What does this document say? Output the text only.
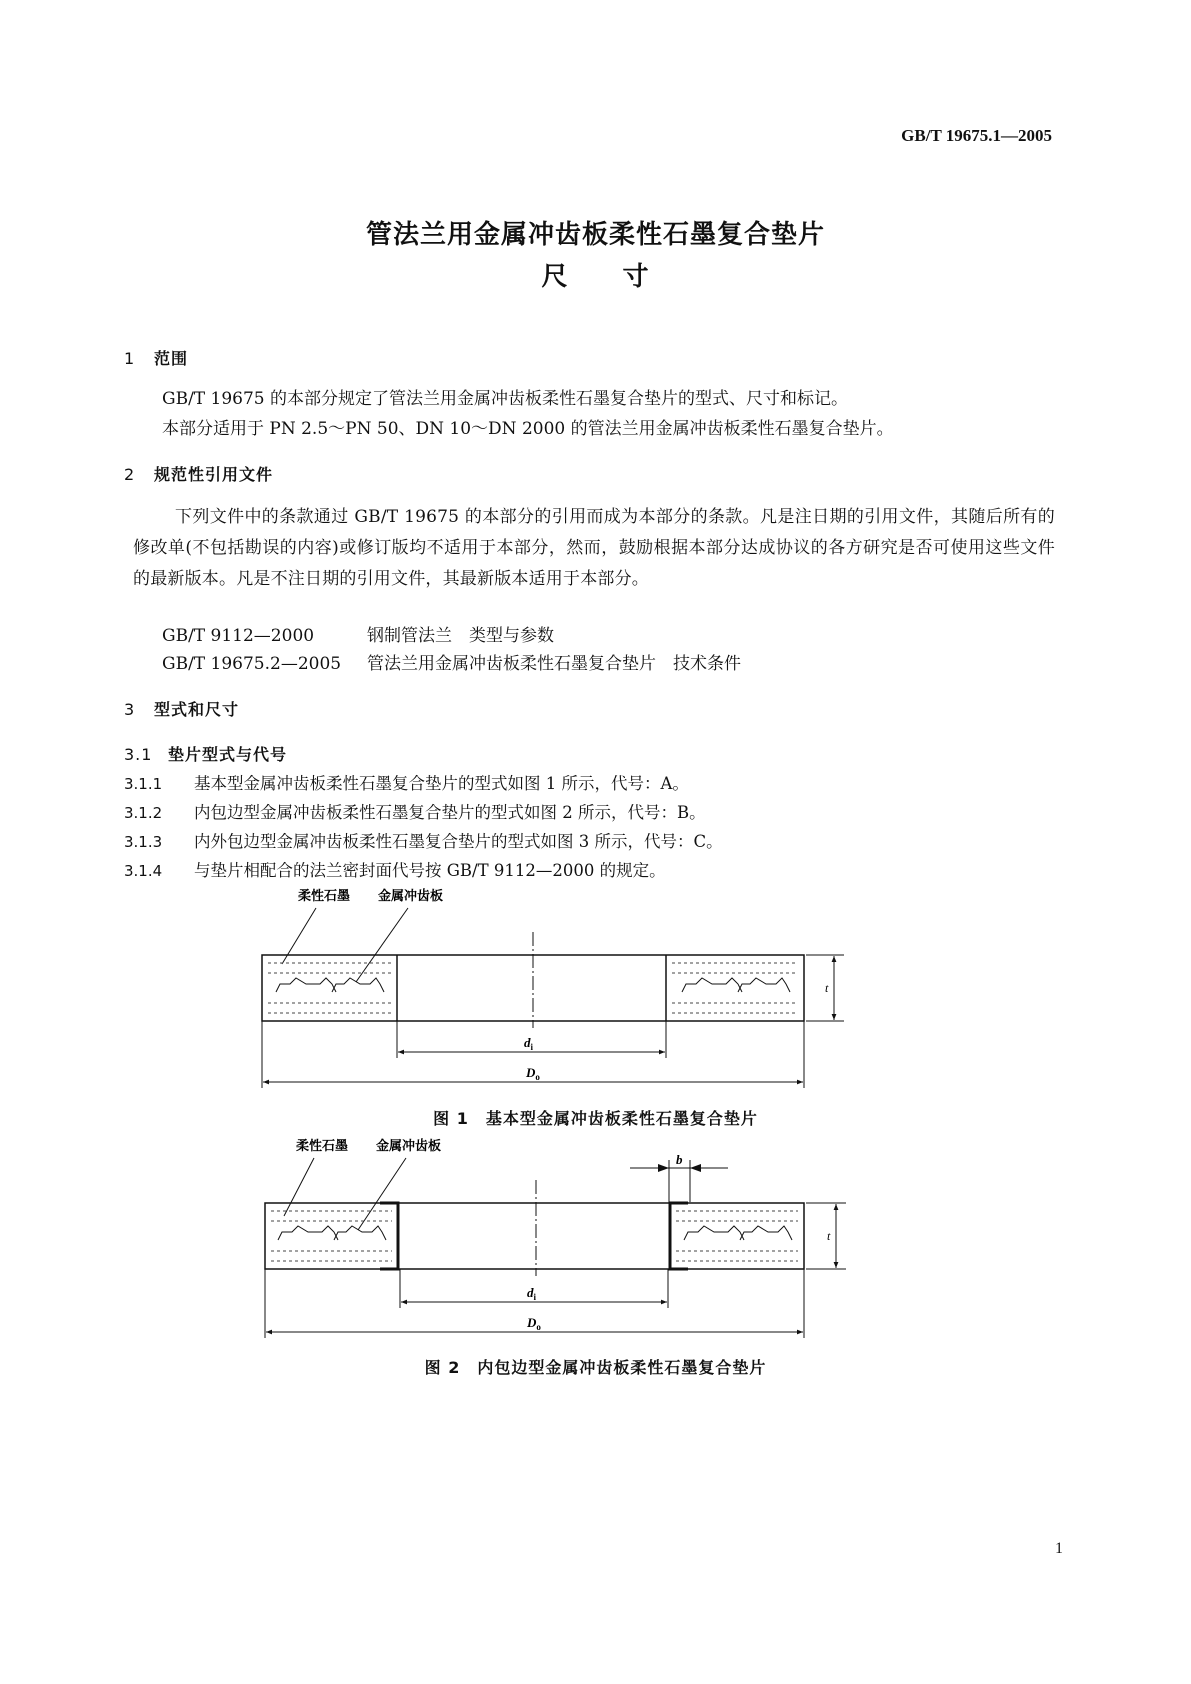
GB/T 19675.1—2005
管法兰用金属冲齿板柔性石墨复合垫片
尺　　寸
1 范围
GB/T 19675 的本部分规定了管法兰用金属冲齿板柔性石墨复合垫片的型式、尺寸和标记。
本部分适用于 PN 2.5～PN 50、DN 10～DN 2000 的管法兰用金属冲齿板柔性石墨复合垫片。
2 规范性引用文件

下列文件中的条款通过 GB/T 19675 的本部分的引用而成为本部分的条款。凡是注日期的引用文件，其随后所有的修改单(不包括勘误的内容)或修订版均不适用于本部分，然而，鼓励根据本部分达成协议的各方研究是否可使用这些文件的最新版本。凡是不注日期的引用文件，其最新版本适用于本部分。

GB/T 9112—2000	钢制管法兰　类型与参数
GB/T 19675.2—2005 管法兰用金属冲齿板柔性石墨复合垫片　技术条件
3 型式和尺寸
3.1 垫片型式与代号
3.1.1 基本型金属冲齿板柔性石墨复合垫片的型式如图 1 所示，代号：A。
3.1.2 内包边型金属冲齿板柔性石墨复合垫片的型式如图 2 所示，代号：B。
3.1.3 内外包边型金属冲齿板柔性石墨复合垫片的型式如图 3 所示，代号：C。
3.1.4 与垫片相配合的法兰密封面代号按 GB/T 9112—2000 的规定。
柔性石墨 金属冲齿板
t
$d_i$
$D_o$
图 1　基本型金属冲齿板柔性石墨复合垫片
柔性石墨 金属冲齿板
b
t
$d_i$
$D_o$
图 2　内包边型金属冲齿板柔性石墨复合垫片
1
